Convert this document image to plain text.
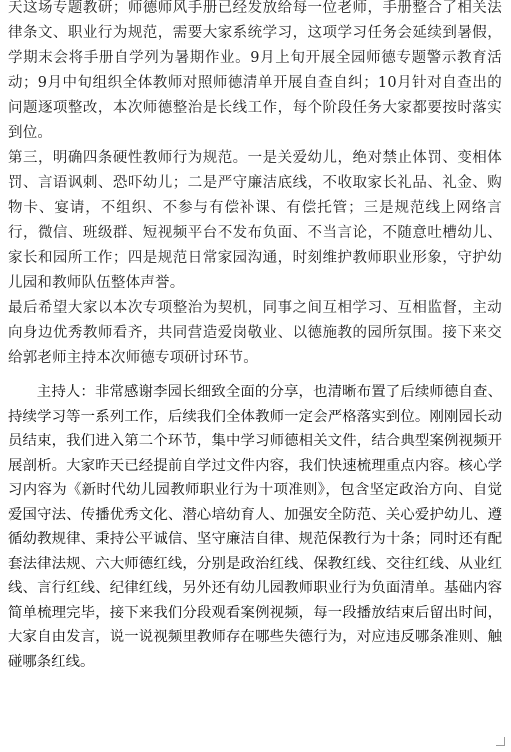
天这场专题教研；师德师风手册已经发放给每一位老师，手册整合了相关法律条文、职业行为规范，需要大家系统学习，这项学习任务会延续到暑假，学期末会将手册自学列为暑期作业。9月上旬开展全园师德专题警示教育活动；9月中旬组织全体教师对照师德清单开展自查自纠；10月针对自查出的问题逐项整改，本次师德整治是长线工作，每个阶段任务大家都要按时落实到位。

第三，明确四条硬性教师行为规范。一是关爱幼儿，绝对禁止体罚、变相体罚、言语讽刺、恐吓幼儿；二是严守廉洁底线，不收取家长礼品、礼金、购物卡、宴请，不组织、不参与有偿补课、有偿托管；三是规范线上网络言行，微信、班级群、短视频平台不发布负面、不当言论，不随意吐槽幼儿、家长和园所工作；四是规范日常家园沟通，时刻维护教师职业形象，守护幼儿园和教师队伍整体声誉。

最后希望大家以本次专项整治为契机，同事之间互相学习、互相监督，主动向身边优秀教师看齐，共同营造爱岗敬业、以德施教的园所氛围。接下来交给郭老师主持本次师德专项研讨环节。

主持人：非常感谢李园长细致全面的分享，也清晰布置了后续师德自查、持续学习等一系列工作，后续我们全体教师一定会严格落实到位。刚刚园长动员结束，我们进入第二个环节，集中学习师德相关文件，结合典型案例视频开展剖析。大家昨天已经提前自学过文件内容，我们快速梳理重点内容。核心学习内容为《新时代幼儿园教师职业行为十项准则》，包含坚定政治方向、自觉爱国守法、传播优秀文化、潜心培幼育人、加强安全防范、关心爱护幼儿、遵循幼教规律、秉持公平诚信、坚守廉洁自律、规范保教行为十条；同时还有配套法律法规、六大师德红线，分别是政治红线、保教红线、交往红线、从业红线、言行红线、纪律红线，另外还有幼儿园教师职业行为负面清单。基础内容简单梳理完毕，接下来我们分段观看案例视频，每一段播放结束后留出时间，大家自由发言，说一说视频里教师存在哪些失德行为，对应违反哪条准则、触碰哪条红线。
